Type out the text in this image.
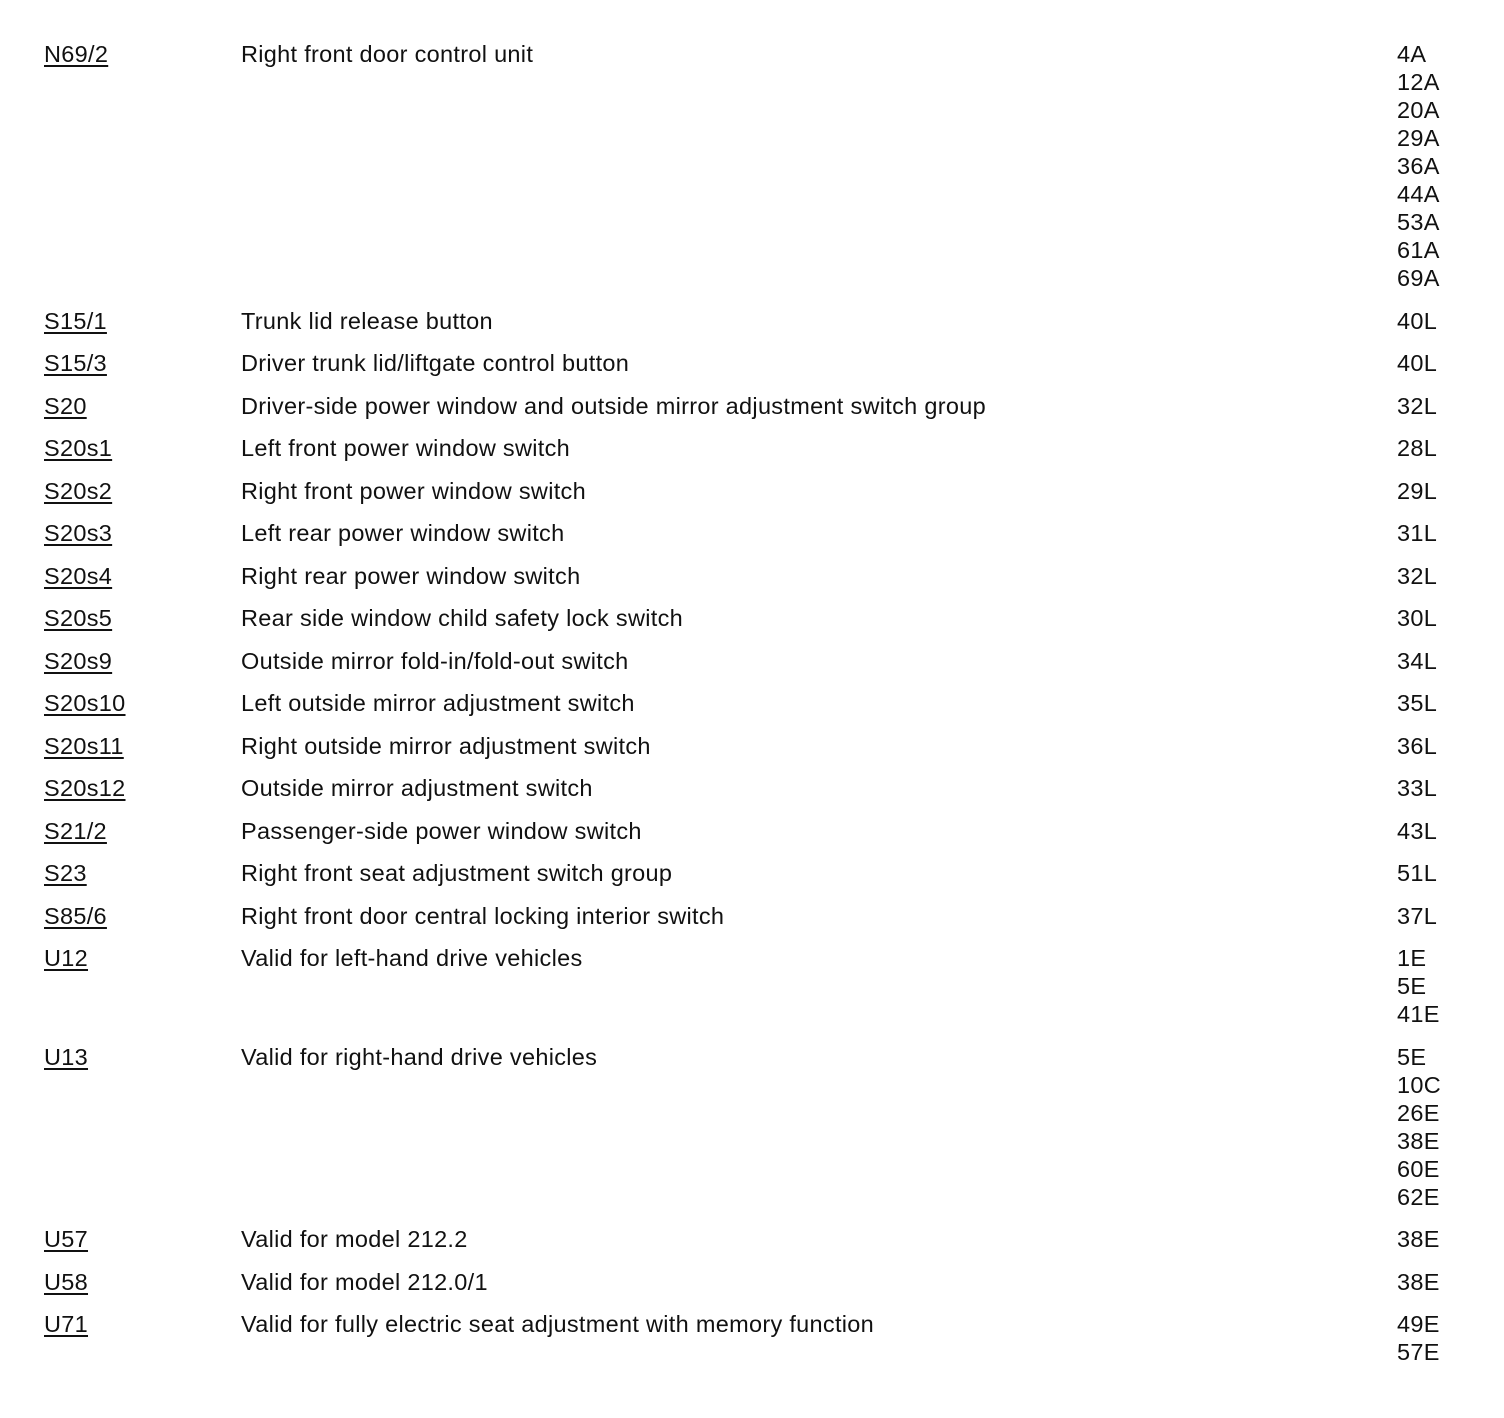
N69/2	Right front door control unit	4A
12A
20A
29A
36A
44A
53A
61A
69A
S15/1	Trunk lid release button	40L
S15/3	Driver trunk lid/liftgate control button	40L
S20	Driver-side power window and outside mirror adjustment switch group	32L
S20s1	Left front power window switch	28L
S20s2	Right front power window switch	29L
S20s3	Left rear power window switch	31L
S20s4	Right rear power window switch	32L
S20s5	Rear side window child safety lock switch	30L
S20s9	Outside mirror fold-in/fold-out switch	34L
S20s10	Left outside mirror adjustment switch	35L
S20s11	Right outside mirror adjustment switch	36L
S20s12	Outside mirror adjustment switch	33L
S21/2	Passenger-side power window switch	43L
S23	Right front seat adjustment switch group	51L
S85/6	Right front door central locking interior switch	37L
U12	Valid for left-hand drive vehicles	1E
5E
41E
U13	Valid for right-hand drive vehicles	5E
10C
26E
38E
60E
62E
U57	Valid for model 212.2	38E
U58	Valid for model 212.0/1	38E
U71	Valid for fully electric seat adjustment with memory function	49E
57E
